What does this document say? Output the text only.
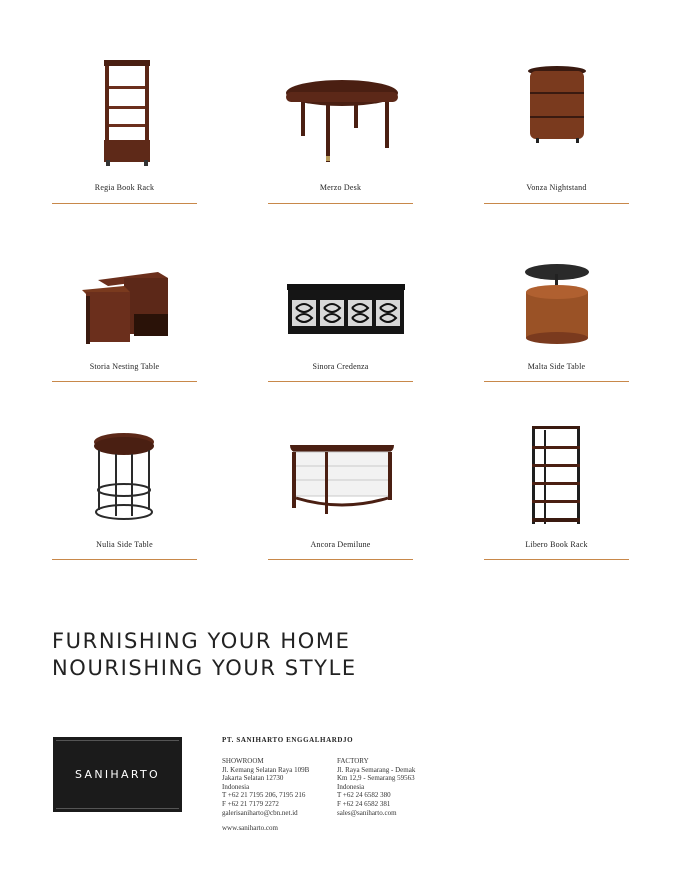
Regia Book Rack	Merzo Desk	Vonza Nightstand
Storia Nesting Table	Sinora Credenza	Malta Side Table
Nulia Side Table	Ancora Demilune	Libero Book Rack
FURNISHING YOUR HOME
NOURISHING YOUR STYLE
SANIHARTO
PT. SANIHARTO ENGGALHARDJO
SHOWROOM
Jl. Kemang Selatan Raya 109B
Jakarta Selatan 12730
Indonesia
T +62 21 7195 206, 7195 216
F +62 21 7179 2272
galerisaniharto@cbn.net.id
FACTORY
Jl. Raya Semarang - Demak
Km 12,9 - Semarang 59563
Indonesia
T +62 24 6582 380
F +62 24 6582 381
sales@saniharto.com
www.saniharto.com
